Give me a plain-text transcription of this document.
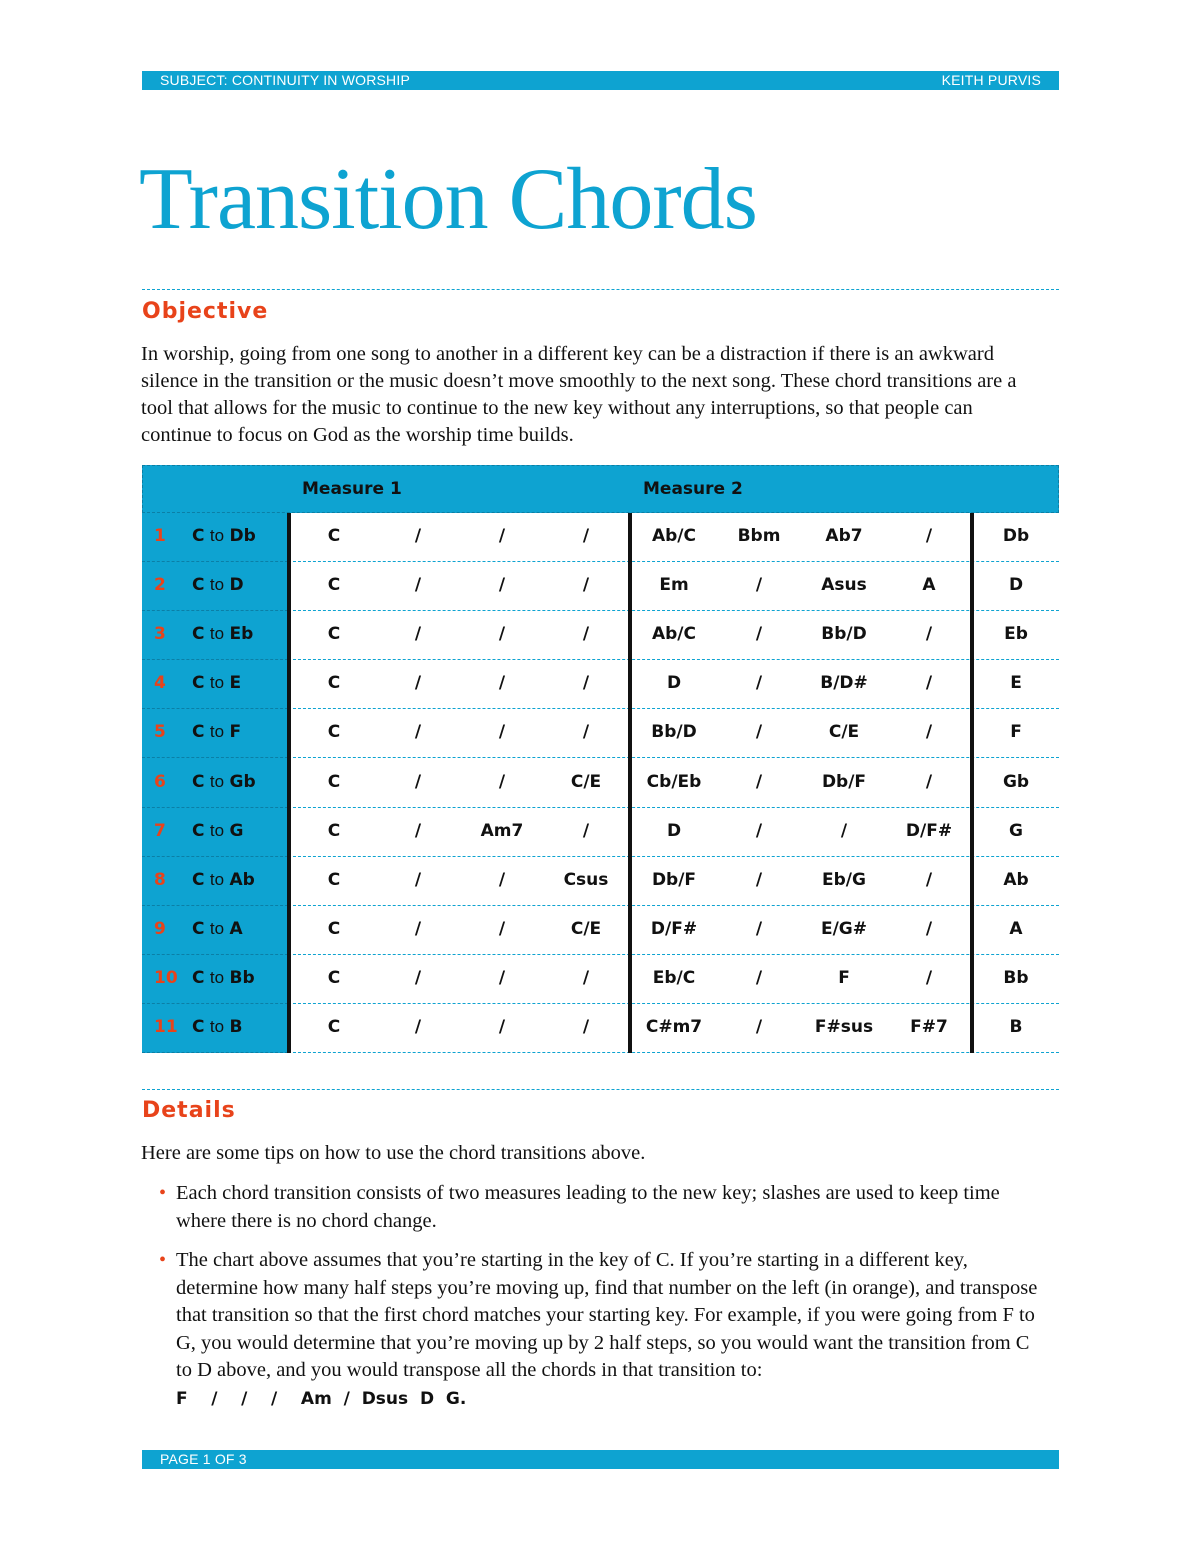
SUBJECT: CONTINUITY IN WORSHIP	KEITH PURVIS
Transition Chords
Objective

In worship, going from one song to another in a different key can be a distraction if there is an awkward silence in the transition or the music doesn’t move smoothly to the next song. These chord transitions are a tool that allows for the music to continue to the new key without any interruptions, so that people can continue to focus on God as the worship time builds.

Measure 1	Measure 2
1 C to Db	C	/	/	/	Ab/C	Bbm	Ab7	/	Db
2 C to D	C	/	/	/	Em	/	Asus	A	D
3 C to Eb	C	/	/	/	Ab/C	/	Bb/D	/	Eb
4 C to E	C	/	/	/	D	/	B/D#	/	E
5 C to F	C	/	/	/	Bb/D	/	C/E	/	F
6 C to Gb	C	/	/	C/E	Cb/Eb	/	Db/F	/	Gb
7 C to G	C	/	Am7	/	D	/	/	D/F#	G
8 C to Ab	C	/	/	Csus	Db/F	/	Eb/G	/	Ab
9 C to A	C	/	/	C/E	D/F#	/	E/G#	/	A
10 C to Bb	C	/	/	/	Eb/C	/	F	/	Bb
11 C to B	C	/	/	/	C#m7	/	F#sus	F#7	B
Details

Here are some tips on how to use the chord transitions above.

• Each chord transition consists of two measures leading to the new key; slashes are used to keep time where there is no chord change.
• The chart above assumes that you’re starting in the key of C. If you’re starting in a different key, determine how many half steps you’re moving up, find that number on the left (in orange), and transpose that transition so that the first chord matches your starting key. For example, if you were going from F to G, you would determine that you’re moving up by 2 half steps, so you would want the transition from C to D above, and you would transpose all the chords in that transition to: F    /    /    /    Am  /  Dsus  D  G.
PAGE 1 OF 3
